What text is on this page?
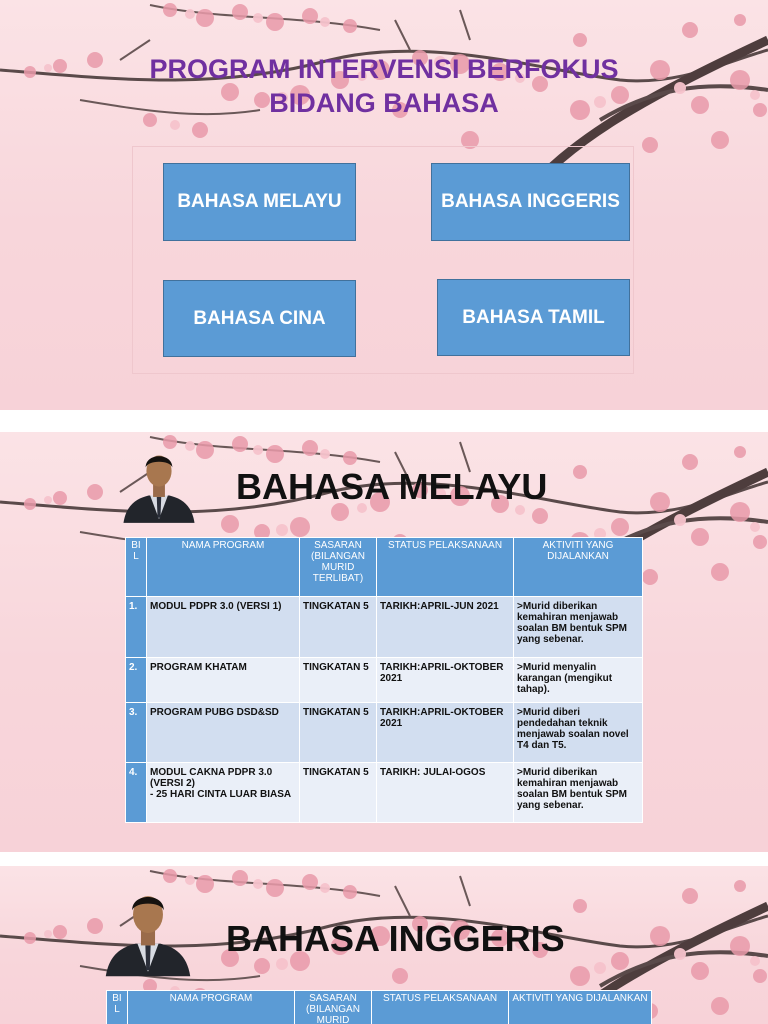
PROGRAM INTERVENSI BERFOKUS
BIDANG BAHASA
BAHASA MELAYU	BAHASA INGGERIS
BAHASA CINA	BAHASA TAMIL
BAHASA MELAYU
BI L	NAMA PROGRAM	SASARAN (BILANGAN MURID TERLIBAT)	STATUS PELAKSANAAN	AKTIVITI YANG DIJALANKAN
1.	MODUL PDPR 3.0 (VERSI 1)	TINGKATAN 5	TARIKH:APRIL-JUN 2021	>Murid diberikan kemahiran menjawab soalan BM bentuk SPM yang sebenar.
2.	PROGRAM KHATAM	TINGKATAN 5	TARIKH:APRIL-OKTOBER 2021	>Murid menyalin karangan (mengikut tahap).
3.	PROGRAM PUBG DSD&SD	TINGKATAN 5	TARIKH:APRIL-OKTOBER 2021	>Murid diberi pendedahan teknik menjawab soalan novel T4 dan T5.
4.	MODUL CAKNA PDPR 3.0 (VERSI 2)
- 25 HARI CINTA LUAR BIASA	TINGKATAN 5	TARIKH: JULAI-OGOS	>Murid diberikan kemahiran menjawab soalan BM bentuk SPM yang sebenar.
BAHASA INGGERIS
BI L	NAMA PROGRAM	SASARAN (BILANGAN MURID	STATUS PELAKSANAAN	AKTIVITI YANG DIJALANKAN
